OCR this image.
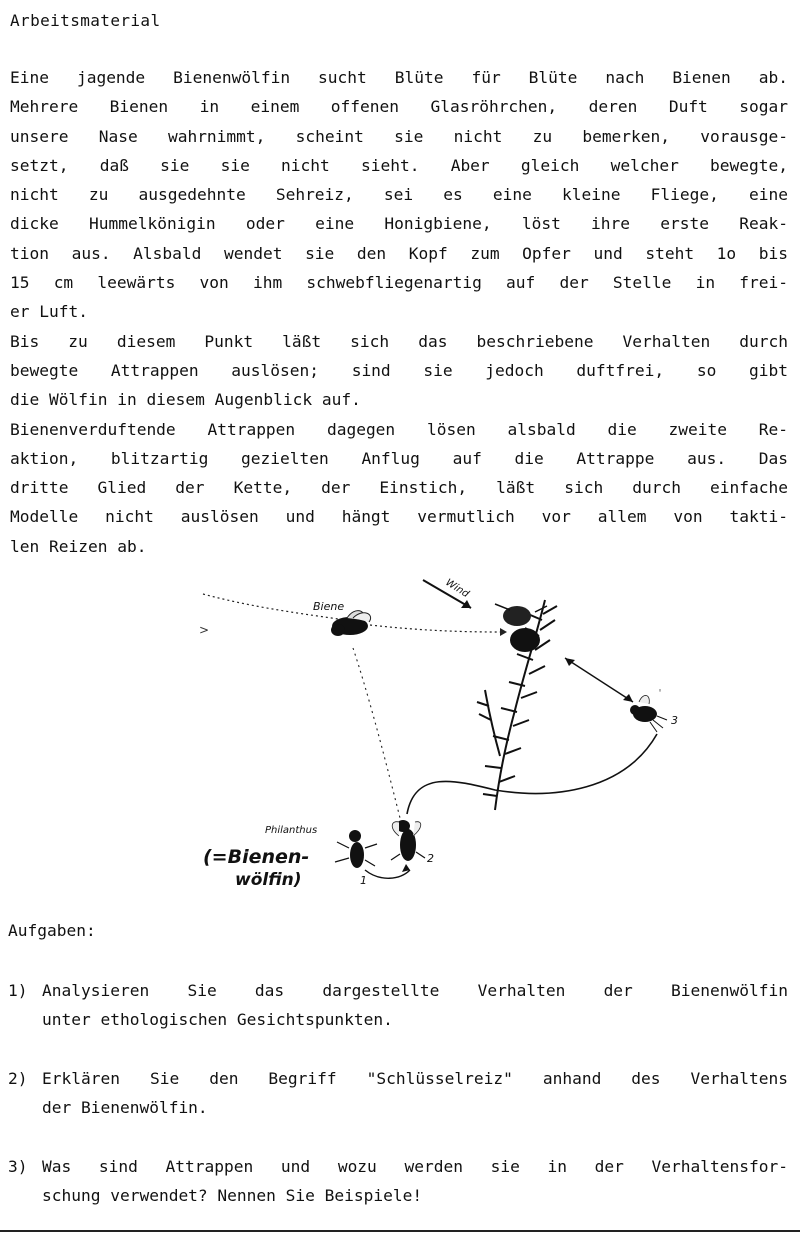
Arbeitsmaterial
Eine jagende Bienenwölfin sucht Blüte für Blüte nach Bienen ab.
Mehrere Bienen in einem offenen Glasröhrchen, deren Duft sogar
unsere Nase wahrnimmt, scheint sie nicht zu bemerken, vorausge-
setzt, daß sie sie nicht sieht. Aber gleich welcher bewegte,
nicht zu ausgedehnte Sehreiz, sei es eine kleine Fliege, eine
dicke Hummelkönigin oder eine Honigbiene, löst ihre erste Reak-
tion aus. Alsbald wendet sie den Kopf zum Opfer und steht 1o bis
15 cm leewärts von ihm schwebfliegenartig auf der Stelle in frei-
er Luft.
Bis zu diesem Punkt läßt sich das beschriebene Verhalten durch
bewegte Attrappen auslösen; sind sie jedoch duftfrei, so gibt
die Wölfin in diesem Augenblick auf.
Bienenverduftende Attrappen dagegen lösen alsbald die zweite Re-
aktion, blitzartig gezielten Anflug auf die Attrappe aus. Das
dritte Glied der Kette, der Einstich, läßt sich durch einfache
Modelle nicht auslösen und hängt vermutlich vor allem von takti-
len Reizen ab.
>
Biene
Wind
3
'
1
2
Philanthus
(=Bienen-
wölfin)
Aufgaben:
1) Analysieren Sie das dargestellte Verhalten der Bienenwölfin
unter ethologischen Gesichtspunkten.
2) Erklären Sie den Begriff "Schlüsselreiz" anhand des Verhaltens
der Bienenwölfin.
3) Was sind Attrappen und wozu werden sie in der Verhaltensfor-
schung verwendet? Nennen Sie Beispiele!
